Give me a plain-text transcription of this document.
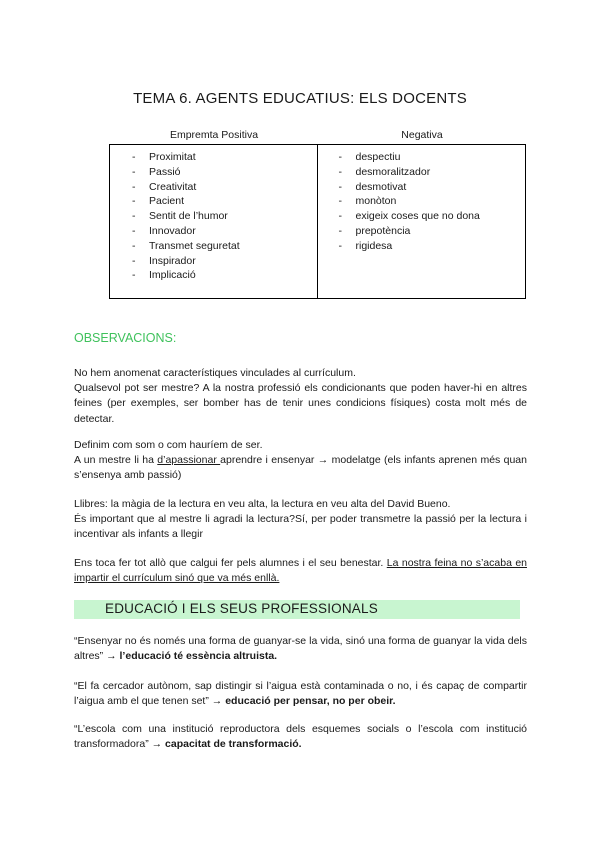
TEMA 6. AGENTS EDUCATIUS: ELS DOCENTS
Empremta Positiva	Negativa
- Proximitat
- Passió
- Creativitat
- Pacient
- Sentit de l’humor
- Innovador
- Transmet seguretat
- Inspirador
- Implicació
- despectiu
- desmoralitzador
- desmotivat
- monòton
- exigeix coses que no dona
- prepotència
- rigidesa
OBSERVACIONS:
No hem anomenat característiques vinculades al currículum.
Qualsevol pot ser mestre? A la nostra professió els condicionants que poden haver-hi en altres feines (per exemples, ser bomber has de tenir unes condicions físiques) costa molt més de detectar.
Definim com som o com hauríem de ser.
A un mestre li ha d’apassionar aprendre i ensenyar → modelatge (els infants aprenen més quan s’ensenya amb passió)
Llibres: la màgia de la lectura en veu alta, la lectura en veu alta del David Bueno.
És important que al mestre li agradi la lectura?Sí, per poder transmetre la passió per la lectura i incentivar als infants a llegir
Ens toca fer tot allò que calgui fer pels alumnes i el seu benestar. La nostra feina no s’acaba en impartir el currículum sinó que va més enllà.
EDUCACIÓ I ELS SEUS PROFESSIONALS
“Ensenyar no és només una forma de guanyar-se la vida, sinó una forma de guanyar la vida dels altres” → l’educació té essència altruista.
“El fa cercador autònom, sap distingir si l’aigua està contaminada o no, i és capaç de compartir l’aigua amb el que tenen set” → educació per pensar, no per obeir.
“L’escola com una institució reproductora dels esquemes socials o l’escola com institució transformadora” → capacitat de transformació.
